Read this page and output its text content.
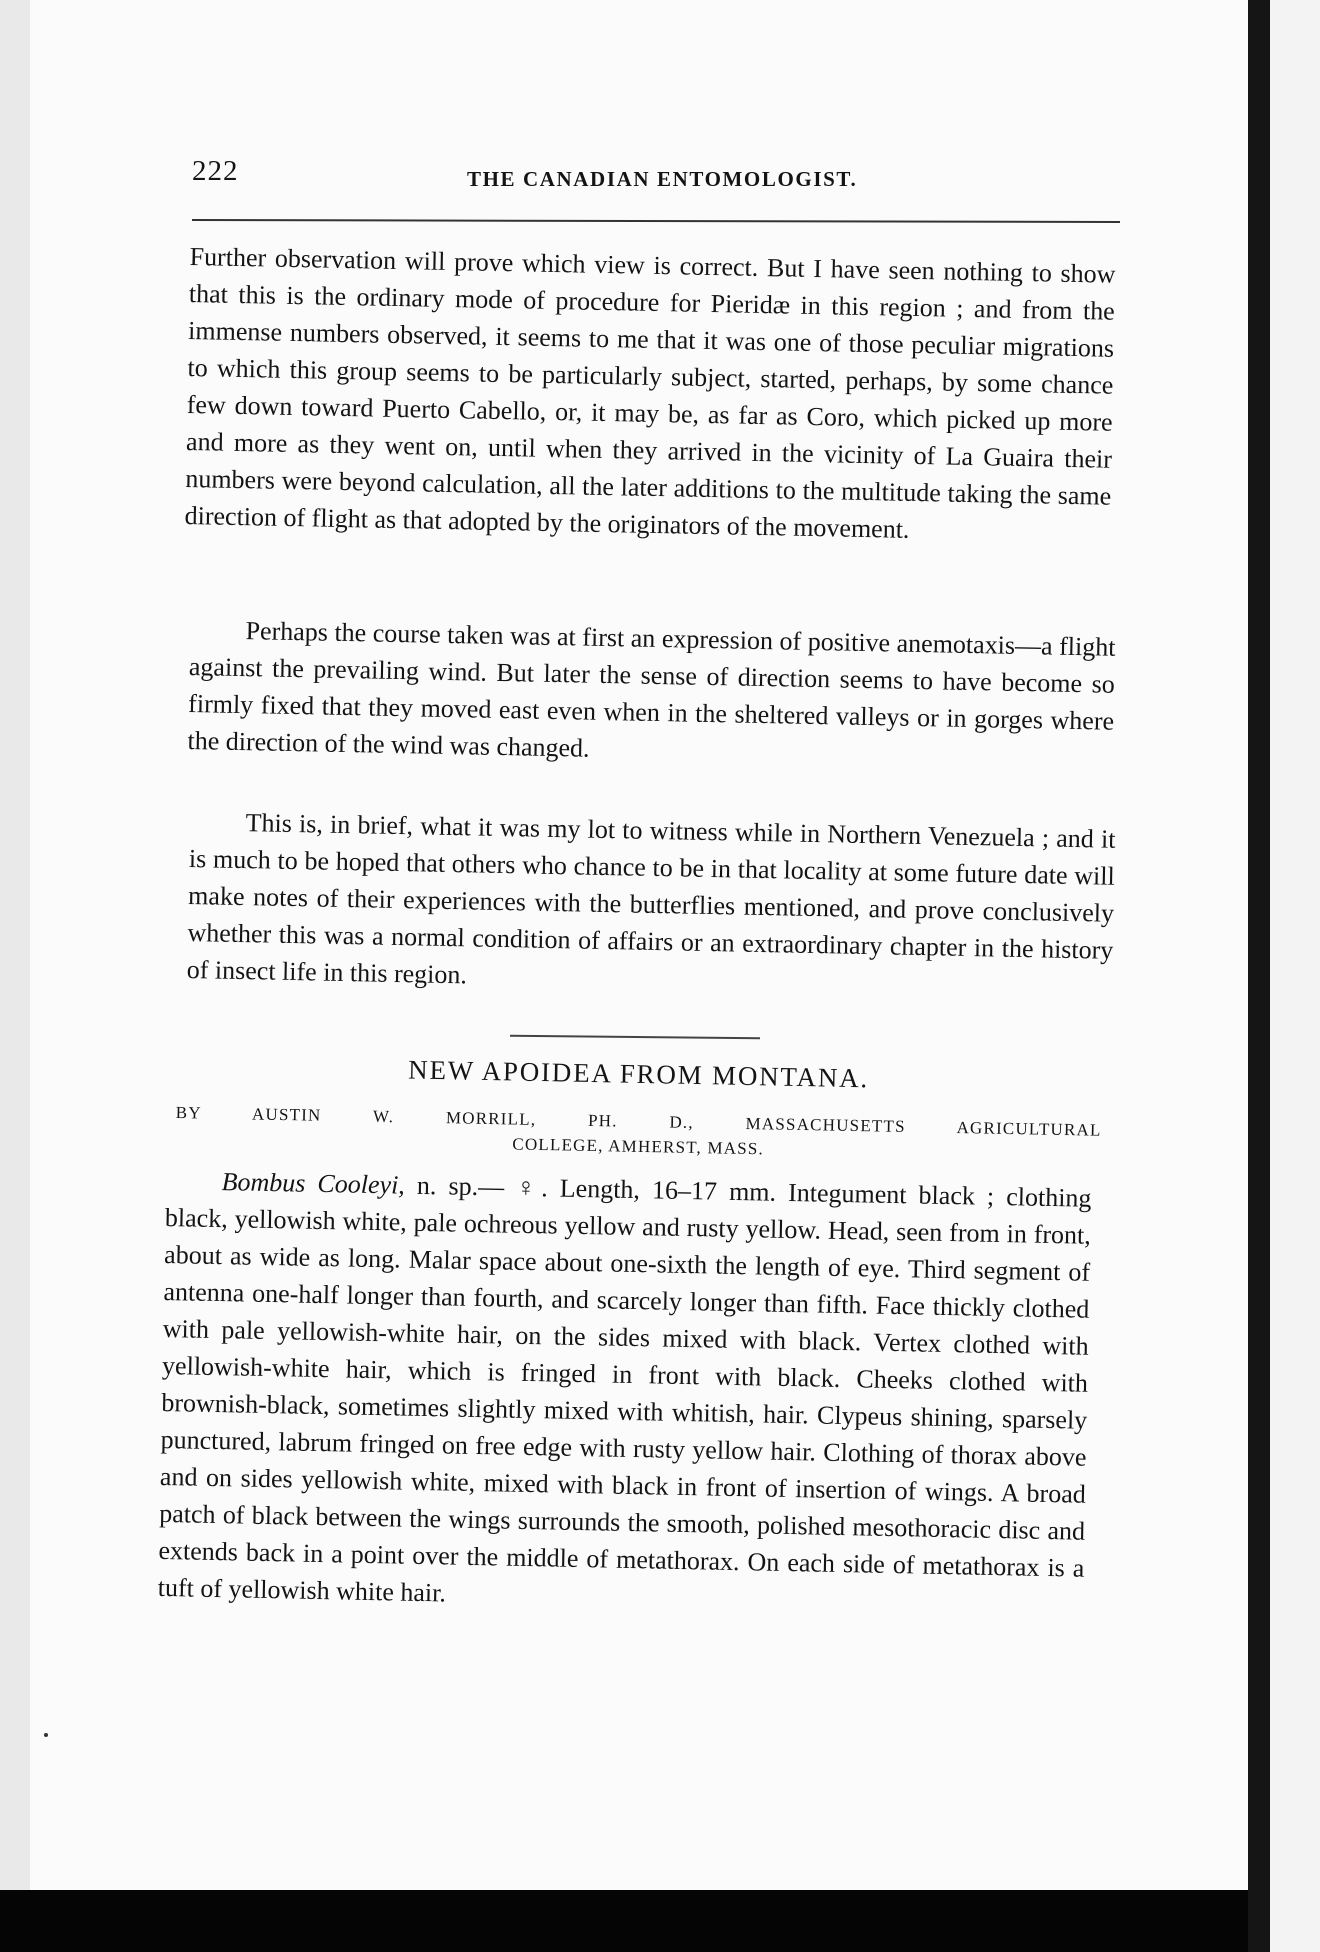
222	THE CANADIAN ENTOMOLOGIST.

Further observation will prove which view is correct. But I have seen nothing to show that this is the ordinary mode of procedure for Pieridæ in this region ; and from the immense numbers observed, it seems to me that it was one of those peculiar migrations to which this group seems to be particularly subject, started, perhaps, by some chance few down toward Puerto Cabello, or, it may be, as far as Coro, which picked up more and more as they went on, until when they arrived in the vicinity of La Guaira their numbers were beyond calculation, all the later additions to the multitude taking the same direction of flight as that adopted by the originators of the movement.

Perhaps the course taken was at first an expression of positive anemotaxis—a flight against the prevailing wind. But later the sense of direction seems to have become so firmly fixed that they moved east even when in the sheltered valleys or in gorges where the direction of the wind was changed.

This is, in brief, what it was my lot to witness while in Northern Venezuela ; and it is much to be hoped that others who chance to be in that locality at some future date will make notes of their experiences with the butterflies mentioned, and prove conclusively whether this was a normal condition of affairs or an extraordinary chapter in the history of insect life in this region.

NEW APOIDEA FROM MONTANA.
BY AUSTIN W. MORRILL, PH. D., MASSACHUSETTS AGRICULTURAL
COLLEGE, AMHERST, MASS.

Bombus Cooleyi, n. sp.— ♀. Length, 16–17 mm. Integument black ; clothing black, yellowish white, pale ochreous yellow and rusty yellow. Head, seen from in front, about as wide as long. Malar space about one-sixth the length of eye. Third segment of antenna one-half longer than fourth, and scarcely longer than fifth. Face thickly clothed with pale yellowish-white hair, on the sides mixed with black. Vertex clothed with yellowish-white hair, which is fringed in front with black. Cheeks clothed with brownish-black, sometimes slightly mixed with whitish, hair. Clypeus shining, sparsely punctured, labrum fringed on free edge with rusty yellow hair. Clothing of thorax above and on sides yellowish white, mixed with black in front of insertion of wings. A broad patch of black between the wings surrounds the smooth, polished mesothoracic disc and extends back in a point over the middle of metathorax. On each side of metathorax is a tuft of yellowish white hair.
